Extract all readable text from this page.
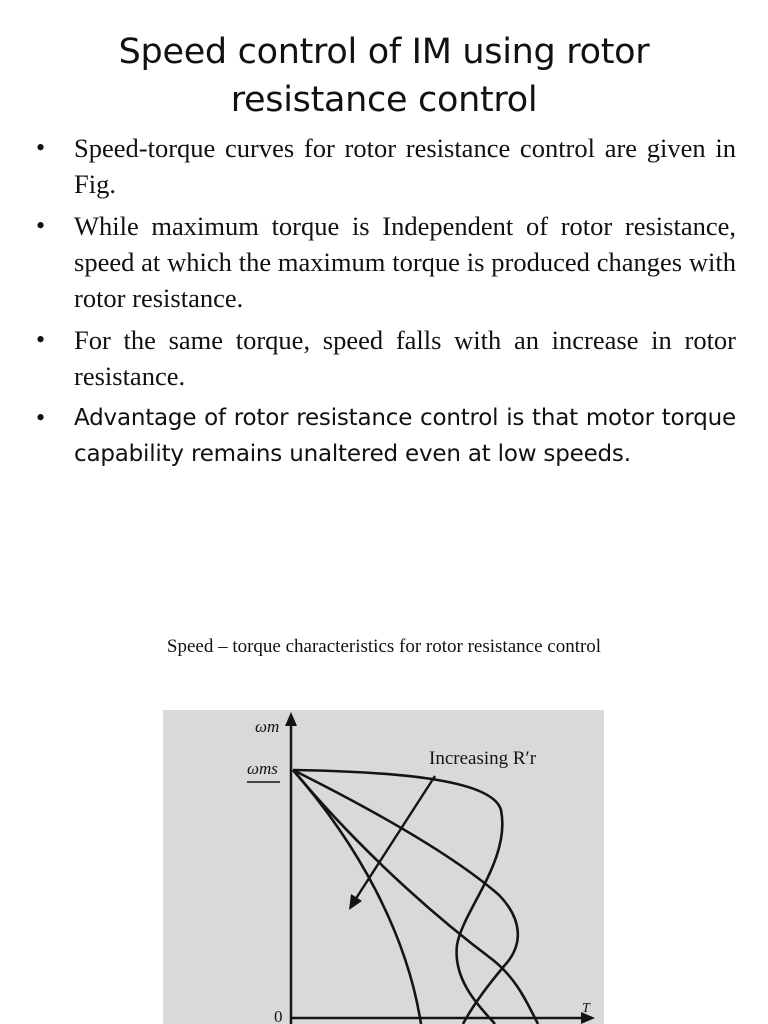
Speed control of IM using rotor
resistance control
• Speed-torque curves for rotor resistance control are given in Fig.
• While maximum torque is Independent of rotor resistance, speed at which the maximum torque is produced changes with rotor resistance.
• For the same torque, speed falls with an increase in rotor resistance.
• Advantage of rotor resistance control is that motor torque capability remains unaltered even at low speeds.
Speed – torque characteristics for rotor resistance control
ωm
ωms	Increasing R′r
0	T
